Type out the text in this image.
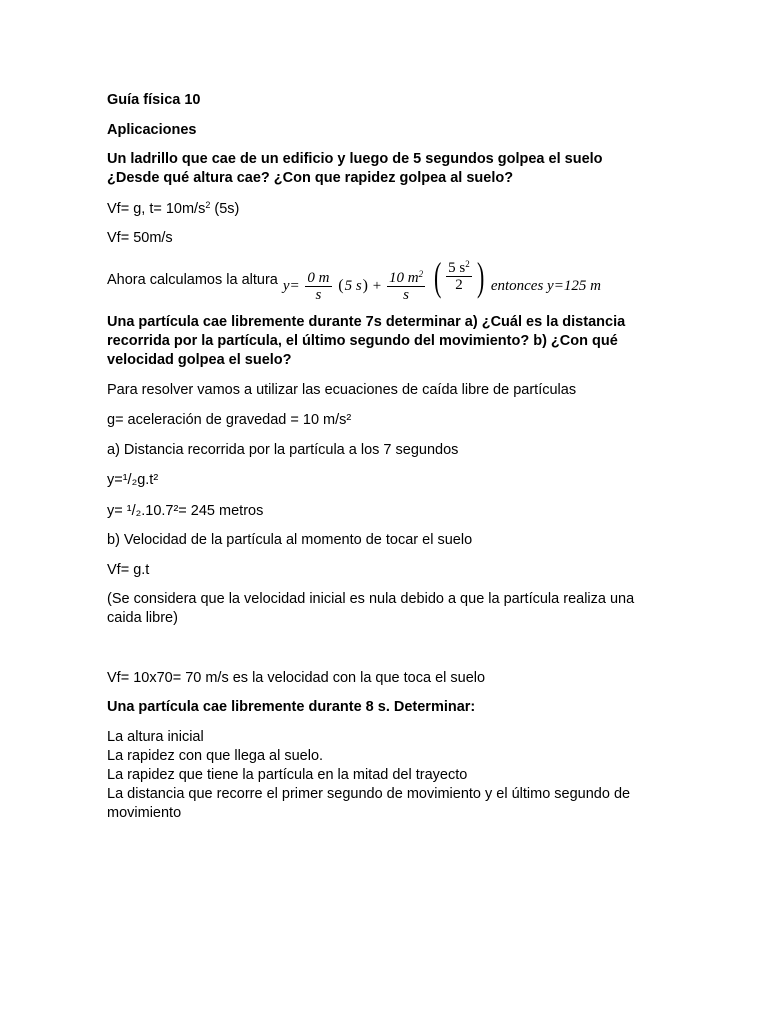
Guía física 10

Aplicaciones

Un ladrillo que cae de un edificio y luego de 5 segundos golpea el suelo
¿Desde qué altura cae? ¿Con que rapidez golpea al suelo?

Vf= g, $t= 10m/s^2$ (5s)

Vf= 50m/s

Ahora calculamos la altura $y= \frac{0 m}{s} (5$ $s) + \frac{10 m^2}{s}$
( $\frac{5 s^2}{2}$ ) entonces y=125 m
Una partícula cae libremente durante 7s determinar a) ¿Cuál es la distancia
recorrida por la partícula, el último segundo del movimiento? b) ¿Con qué
velocidad golpea el suelo?

Para resolver vamos a utilizar las ecuaciones de caída libre de partículas

g= aceleración de gravedad = 10 m/s²

a) Distancia recorrida por la partícula a los 7 segundos

y=¹/₂g.t²

y= ¹/₂.10.7²= 245 metros

b) Velocidad de la partícula al momento de tocar el suelo

Vf= g.t

(Se considera que la velocidad inicial es nula debido a que la partícula realiza una
caida libre)

Vf= 10x70= 70 m/s es la velocidad con la que toca el suelo

Una partícula cae libremente durante 8 s. Determinar:

La altura inicial
La rapidez con que llega al suelo.
La rapidez que tiene la partícula en la mitad del trayecto
La distancia que recorre el primer segundo de movimiento y el último segundo de
movimiento
